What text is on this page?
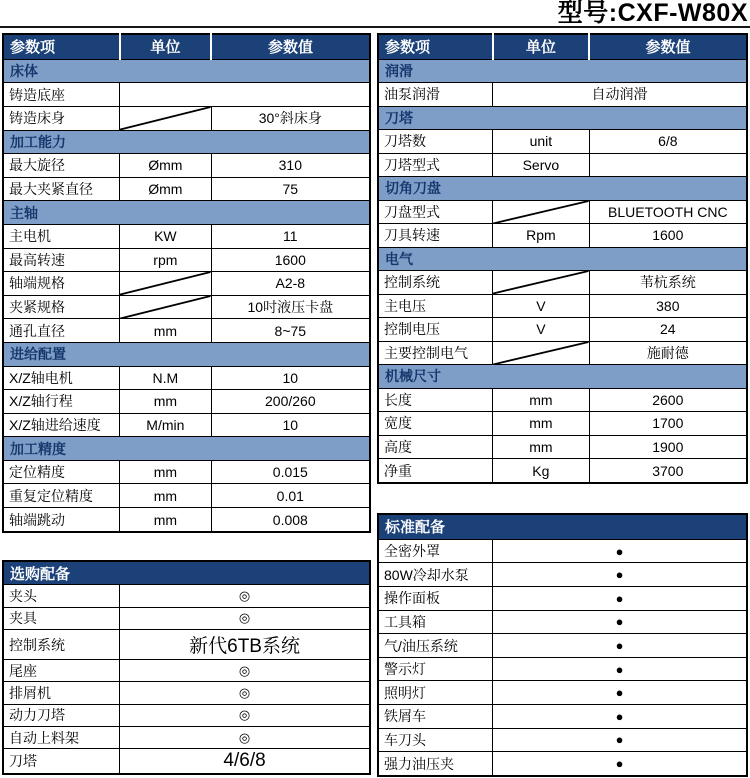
型号:CXF-W80X
参数项	单位	参数值
床体		
铸造底座		
铸造床身		30°斜床身
加工能力		
最大旋径	Ømm	310
最大夹紧直径	Ømm	75
主轴		
主电机	KW	11
最高转速	rpm	1600
轴端规格		A2-8
夹紧规格		10吋液压卡盘
通孔直径	mm	8~75
进给配置		
X/Z轴电机	N.M	10
X/Z轴行程	mm	200/260
X/Z轴进给速度	M/min	10
加工精度		
定位精度	mm	0.015
重复定位精度	mm	0.01
轴端跳动	mm	0.008
选购配备	
夹头	◎
夹具	◎
控制系统	新代6TB系统
尾座	◎
排屑机	◎
动力刀塔	◎
自动上料架	◎
刀塔	4/6/8
参数项	单位	参数值
润滑		
油泵润滑	自动润滑	
刀塔		
刀塔数	unit	6/8
刀塔型式	Servo	
切角刀盘		
刀盘型式		BLUETOOTH CNC
刀具转速	Rpm	1600
电气		
控制系统		苇杭系统
主电压	V	380
控制电压	V	24
主要控制电气		施耐德
机械尺寸		
长度	mm	2600
宽度	mm	1700
高度	mm	1900
净重	Kg	3700
标准配备	
全密外罩	●
80W冷却水泵	●
操作面板	●
工具箱	●
气/油压系统	●
警示灯	●
照明灯	●
铁屑车	●
车刀头	●
强力油压夹	●
